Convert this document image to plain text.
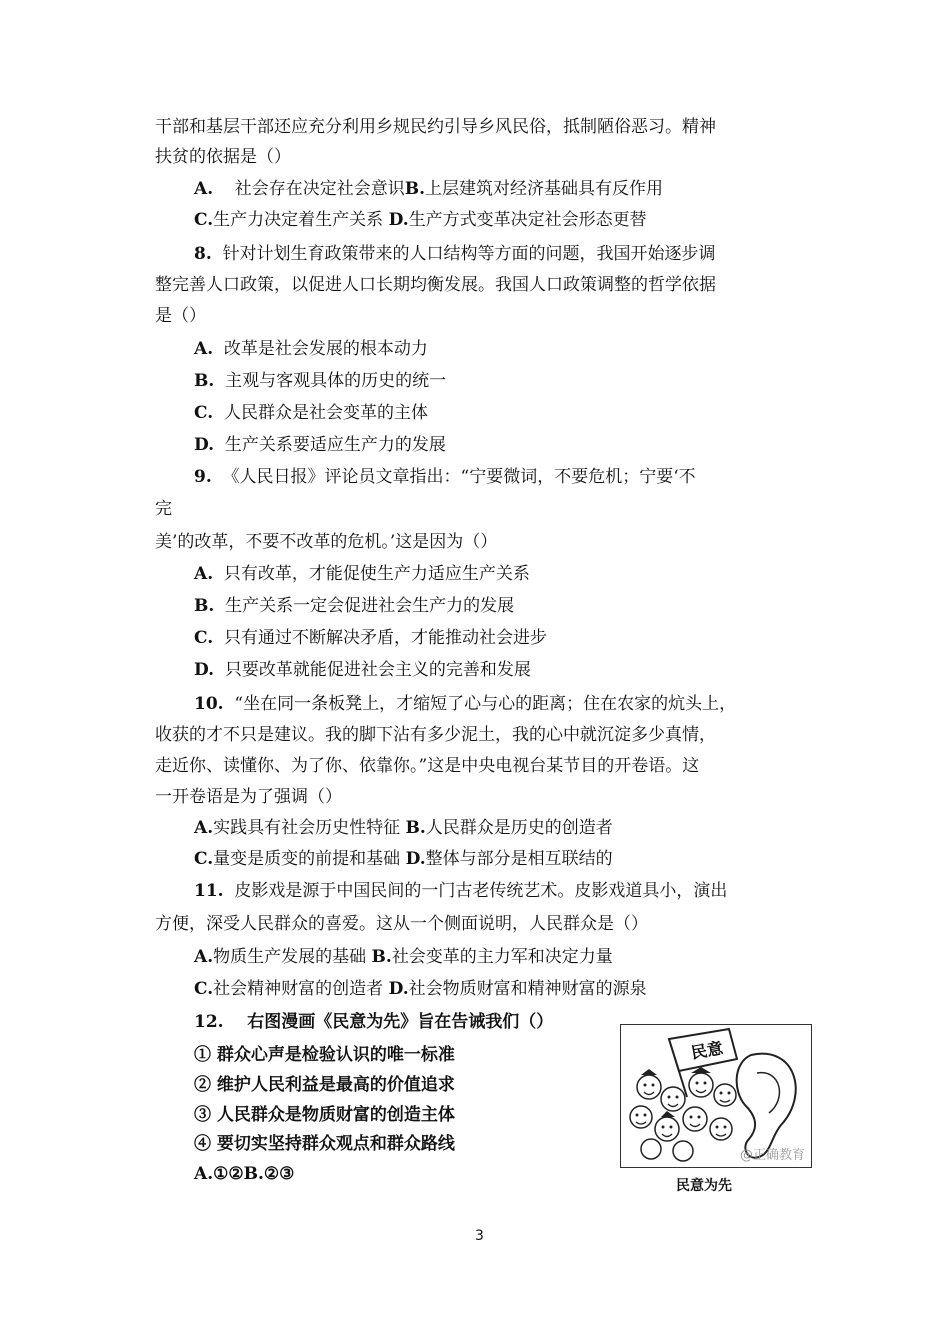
干部和基层干部还应充分利用乡规民约引导乡风民俗，抵制陋俗恶习。精神
扶贫的依据是（）
A. 社会存在决定社会意识B.上层建筑对经济基础具有反作用
C.生产力决定着生产关系 D.生产方式变革决定社会形态更替
8. 针对计划生育政策带来的人口结构等方面的问题，我国开始逐步调
整完善人口政策，以促进人口长期均衡发展。我国人口政策调整的哲学依据
是（）
A. 改革是社会发展的根本动力
B. 主观与客观具体的历史的统一
C. 人民群众是社会变革的主体
D. 生产关系要适应生产力的发展
9. 《人民日报》评论员文章指出：“宁要微词，不要危机；宁要‘不
完
美’的改革，不要不改革的危机。’这是因为（）
A. 只有改革，才能促使生产力适应生产关系
B. 生产关系一定会促进社会生产力的发展
C. 只有通过不断解决矛盾，才能推动社会进步
D. 只要改革就能促进社会主义的完善和发展
10. “坐在同一条板凳上，才缩短了心与心的距离；住在农家的炕头上，
收获的才不只是建议。我的脚下沾有多少泥土，我的心中就沉淀多少真情，
走近你、读懂你、为了你、依靠你。”这是中央电视台某节目的开卷语。这
一开卷语是为了强调（）
A.实践具有社会历史性特征 B.人民群众是历史的创造者
C.量变是质变的前提和基础 D.整体与部分是相互联结的
11. 皮影戏是源于中国民间的一门古老传统艺术。皮影戏道具小，演出
方便，深受人民群众的喜爱。这从一个侧面说明，人民群众是（）
A.物质生产发展的基础 B.社会变革的主力军和决定力量
C.社会精神财富的创造者 D.社会物质财富和精神财富的源泉
12. 右图漫画《民意为先》旨在告诫我们（）
① 群众心声是检验认识的唯一标准
② 维护人民利益是最高的价值追求
③ 人民群众是物质财富的创造主体
④ 要切实坚持群众观点和群众路线
A.①②B.②③
民意
@正确教育
民意为先
3
